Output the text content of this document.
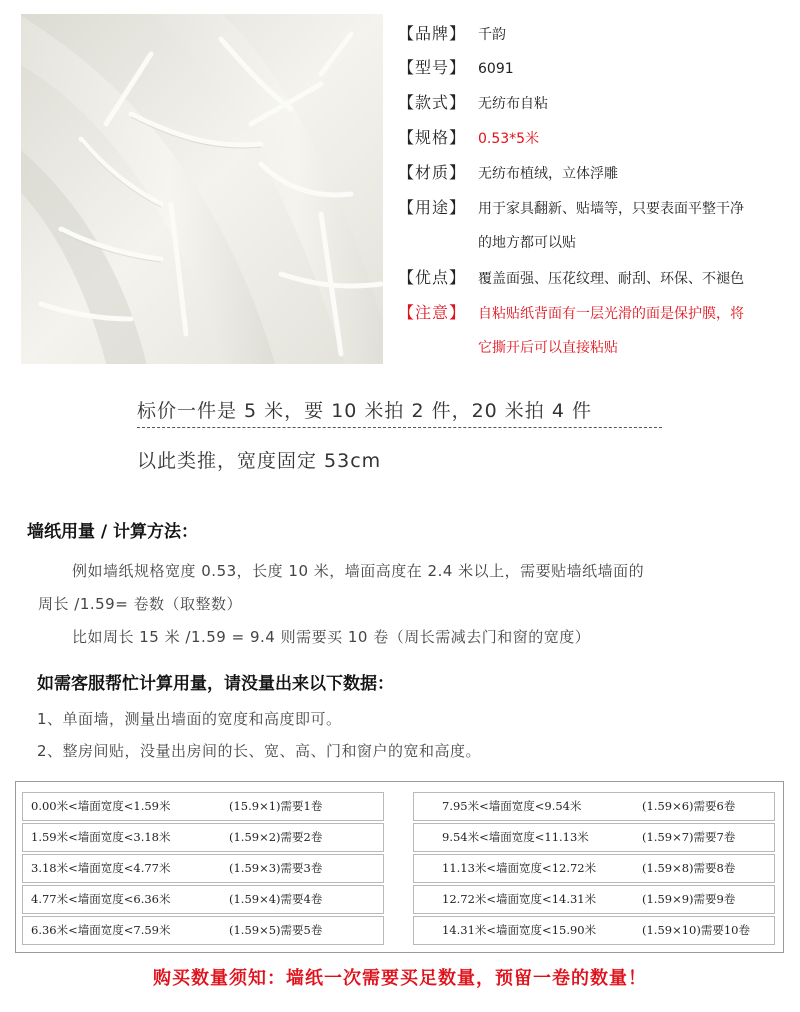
【品牌】 千韵
【型号】 6091
【款式】 无纺布自粘
【规格】 0.53*5米
【材质】 无纺布植绒，立体浮雕
【用途】 用于家具翻新、贴墙等，只要表面平整干净
的地方都可以贴
【优点】 覆盖面强、压花纹理、耐刮、环保、不褪色
【注意】 自粘贴纸背面有一层光滑的面是保护膜，将
它撕开后可以直接粘贴
标价一件是 5 米，要 10 米拍 2 件，20 米拍 4 件
以此类推，宽度固定 53cm
墙纸用量 / 计算方法：
例如墙纸规格宽度 0.53，长度 10 米，墙面高度在 2.4 米以上，需要贴墙纸墙面的
周长 /1.59= 卷数（取整数）
比如周长 15 米 /1.59 = 9.4 则需要买 10 卷（周长需减去门和窗的宽度）
如需客服帮忙计算用量，请没量出来以下数据：
1、单面墙，测量出墙面的宽度和高度即可。
2、整房间贴，没量出房间的长、宽、高、门和窗户的宽和高度。
0.00米<墙面宽度<1.59米	(15.9×1)需要1卷
1.59米<墙面宽度<3.18米	(1.59×2)需要2卷
3.18米<墙面宽度<4.77米	(1.59×3)需要3卷
4.77米<墙面宽度<6.36米	(1.59×4)需要4卷
6.36米<墙面宽度<7.59米	(1.59×5)需要5卷
7.95米<墙面宽度<9.54米	(1.59×6)需要6卷
9.54米<墙面宽度<11.13米	(1.59×7)需要7卷
11.13米<墙面宽度<12.72米	(1.59×8)需要8卷
12.72米<墙面宽度<14.31米	(1.59×9)需要9卷
14.31米<墙面宽度<15.90米	(1.59×10)需要10卷
购买数量须知：墙纸一次需要买足数量，预留一卷的数量！
